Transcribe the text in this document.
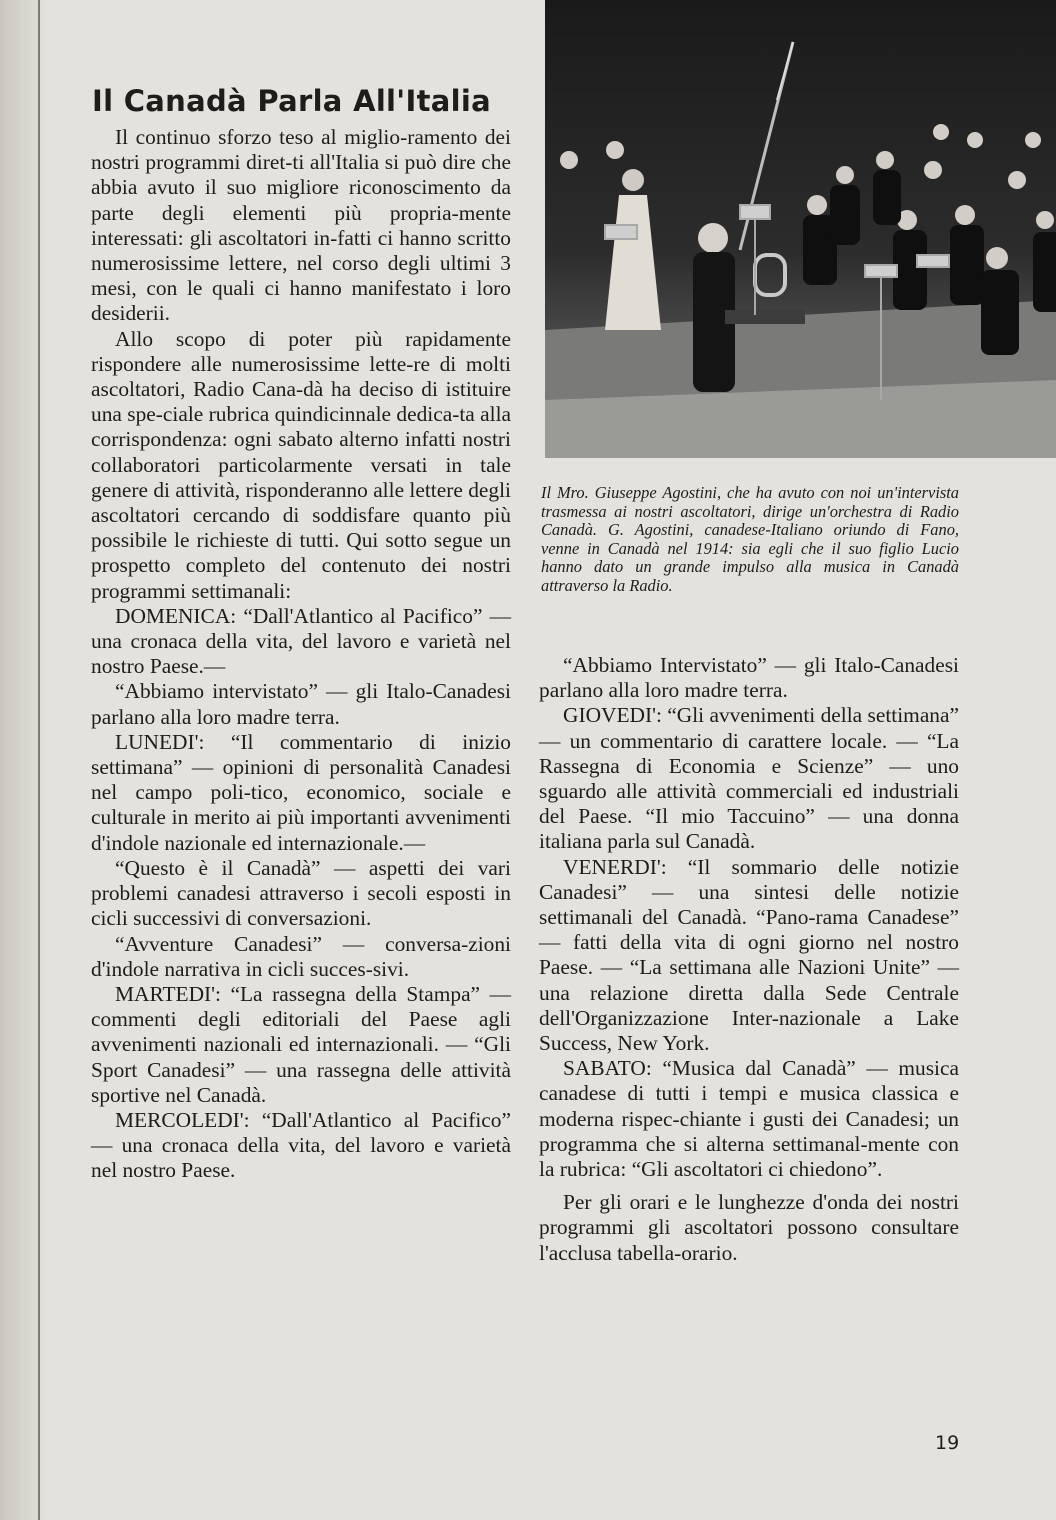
Il Canadà Parla All'Italia

Il continuo sforzo teso al miglio-ramento dei nostri programmi diret-ti all'Italia si può dire che abbia avuto il suo migliore riconoscimento da parte degli elementi più propria-mente interessati: gli ascoltatori in-fatti ci hanno scritto numerosissime lettere, nel corso degli ultimi 3 mesi, con le quali ci hanno manifestato i loro desiderii.

Allo scopo di poter più rapidamente rispondere alle numerosissime lette-re di molti ascoltatori, Radio Cana-dà ha deciso di istituire una spe-ciale rubrica quindicinnale dedica-ta alla corrispondenza: ogni sabato alterno infatti nostri collaboratori particolarmente versati in tale genere di attività, risponderanno alle lettere degli ascoltatori cercando di soddisfare quanto più possibile le richieste di tutti. Qui sotto segue un prospetto completo del contenuto dei nostri programmi settimanali:

DOMENICA: “Dall'Atlantico al Pacifico” — una cronaca della vita, del lavoro e varietà nel nostro Paese.—

“Abbiamo intervistato” — gli Italo-Canadesi parlano alla loro madre terra.

LUNEDI': “Il commentario di inizio settimana” — opinioni di personalità Canadesi nel campo poli-tico, economico, sociale e culturale in merito ai più importanti avvenimenti d'indole nazionale ed internazionale.—

“Questo è il Canadà” — aspetti dei vari problemi canadesi attraverso i secoli esposti in cicli successivi di conversazioni.

“Avventure Canadesi” — conversa-zioni d'indole narrativa in cicli succes-sivi.

MARTEDI': “La rassegna della Stampa” — commenti degli editoriali del Paese agli avvenimenti nazionali ed internazionali. — “Gli Sport Canadesi” — una rassegna delle attività sportive nel Canadà.

MERCOLEDI': “Dall'Atlantico al Pacifico” — una cronaca della vita, del lavoro e varietà nel nostro Paese.

Il Mro. Giuseppe Agostini, che ha avuto con noi un'intervista trasmessa ai nostri ascoltatori, dirige un'orchestra di Radio Canadà. G. Agostini, canadese-Italiano oriundo di Fano, venne in Canadà nel 1914: sia egli che il suo figlio Lucio hanno dato un grande impulso alla musica in Canadà attraverso la Radio.

“Abbiamo Intervistato” — gli Italo-Canadesi parlano alla loro madre terra.

GIOVEDI': “Gli avvenimenti della settimana” — un commentario di carattere locale. — “La Rassegna di Economia e Scienze” — uno sguardo alle attività commerciali ed industriali del Paese. “Il mio Taccuino” — una donna italiana parla sul Canadà.

VENERDI': “Il sommario delle notizie Canadesi” — una sintesi delle notizie settimanali del Canadà. “Pano-rama Canadese” — fatti della vita di ogni giorno nel nostro Paese. — “La settimana alle Nazioni Unite” — una relazione diretta dalla Sede Centrale dell'Organizzazione Inter-nazionale a Lake Success, New York.

SABATO: “Musica dal Canadà” — musica canadese di tutti i tempi e musica classica e moderna rispec-chiante i gusti dei Canadesi; un programma che si alterna settimanal-mente con la rubrica: “Gli ascoltatori ci chiedono”.

Per gli orari e le lunghezze d'onda dei nostri programmi gli ascoltatori possono consultare l'acclusa tabella-orario.

19
